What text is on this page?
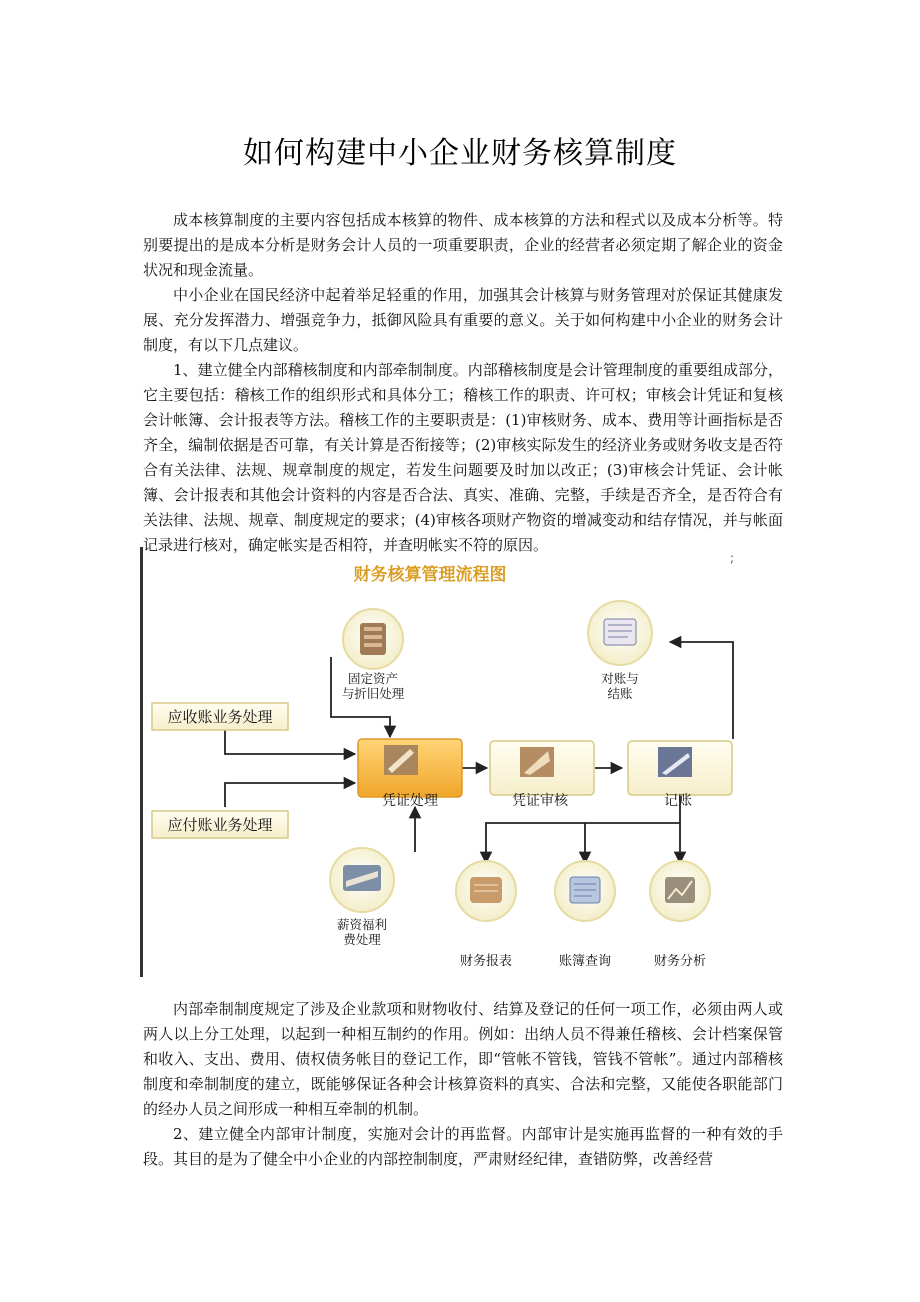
如何构建中小企业财务核算制度

成本核算制度的主要内容包括成本核算的物件、成本核算的方法和程式以及成本分析等。特别要提出的是成本分析是财务会计人员的一项重要职责，企业的经营者必须定期了解企业的资金状况和现金流量。

中小企业在国民经济中起着举足轻重的作用，加强其会计核算与财务管理对於保证其健康发展、充分发挥潜力、增强竞争力，抵御风险具有重要的意义。关于如何构建中小企业的财务会计制度，有以下几点建议。

1、建立健全内部稽核制度和内部牵制制度。内部稽核制度是会计管理制度的重要组成部分，它主要包括：稽核工作的组织形式和具体分工；稽核工作的职责、许可权；审核会计凭证和复核会计帐簿、会计报表等方法。稽核工作的主要职责是：(1)审核财务、成本、费用等计画指标是否齐全，编制依据是否可靠，有关计算是否衔接等；(2)审核实际发生的经济业务或财务收支是否符合有关法律、法规、规章制度的规定，若发生问题要及时加以改正；(3)审核会计凭证、会计帐簿、会计报表和其他会计资料的内容是否合法、真实、准确、完整，手续是否齐全，是否符合有关法律、法规、规章、制度规定的要求；(4)审核各项财产物资的增减变动和结存情况，并与帐面记录进行核对，确定帐实是否相符，并查明帐实不符的原因。

;
财务核算管理流程图
固定资产与折旧处理
对账与结账
薪资福利费处理
财务报表	账簿查询	财务分析
应收账业务处理
应付账业务处理
凭证处理	凭证审核	记账

内部牵制制度规定了涉及企业款项和财物收付、结算及登记的任何一项工作，必须由两人或两人以上分工处理，以起到一种相互制约的作用。例如：出纳人员不得兼任稽核、会计档案保管和收入、支出、费用、债权债务帐目的登记工作，即“管帐不管钱，管钱不管帐”。通过内部稽核制度和牵制制度的建立，既能够保证各种会计核算资料的真实、合法和完整，又能使各职能部门的经办人员之间形成一种相互牵制的机制。

2、建立健全内部审计制度，实施对会计的再监督。内部审计是实施再监督的一种有效的手段。其目的是为了健全中小企业的内部控制制度，严肃财经纪律，查错防弊，改善经营
